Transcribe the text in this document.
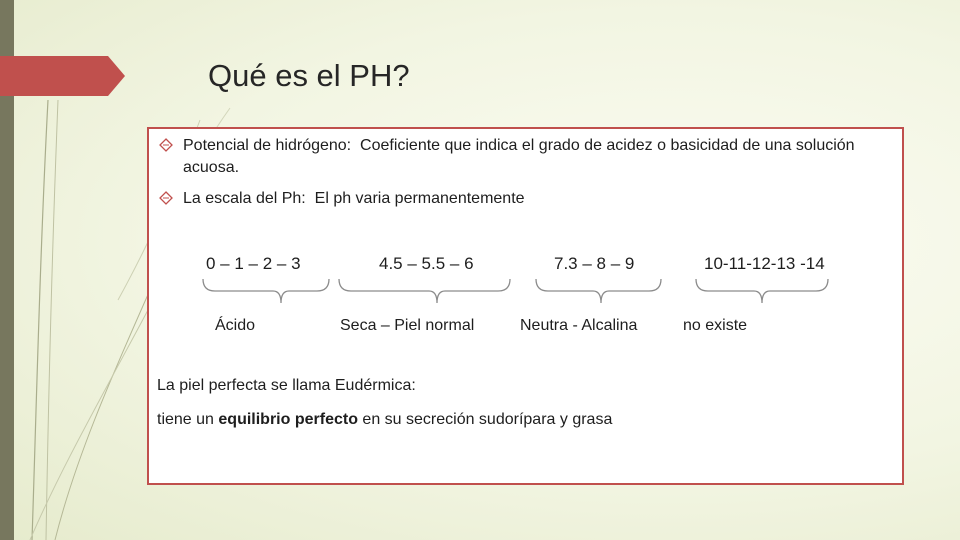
Qué es el PH?
Potencial de hidrógeno: Coeficiente que indica el grado de acidez o basicidad de una solución acuosa.
La escala del Ph: El ph varia permanentemente
0 – 1 – 2 – 3	4.5 – 5.5 – 6	7.3 – 8 – 9	10-11-12-13 -14
Ácido	Seca – Piel normal	Neutra - Alcalina	no existe
La piel perfecta se llama Eudérmica:
tiene un equilibrio perfecto en su secreción sudorípara y grasa
